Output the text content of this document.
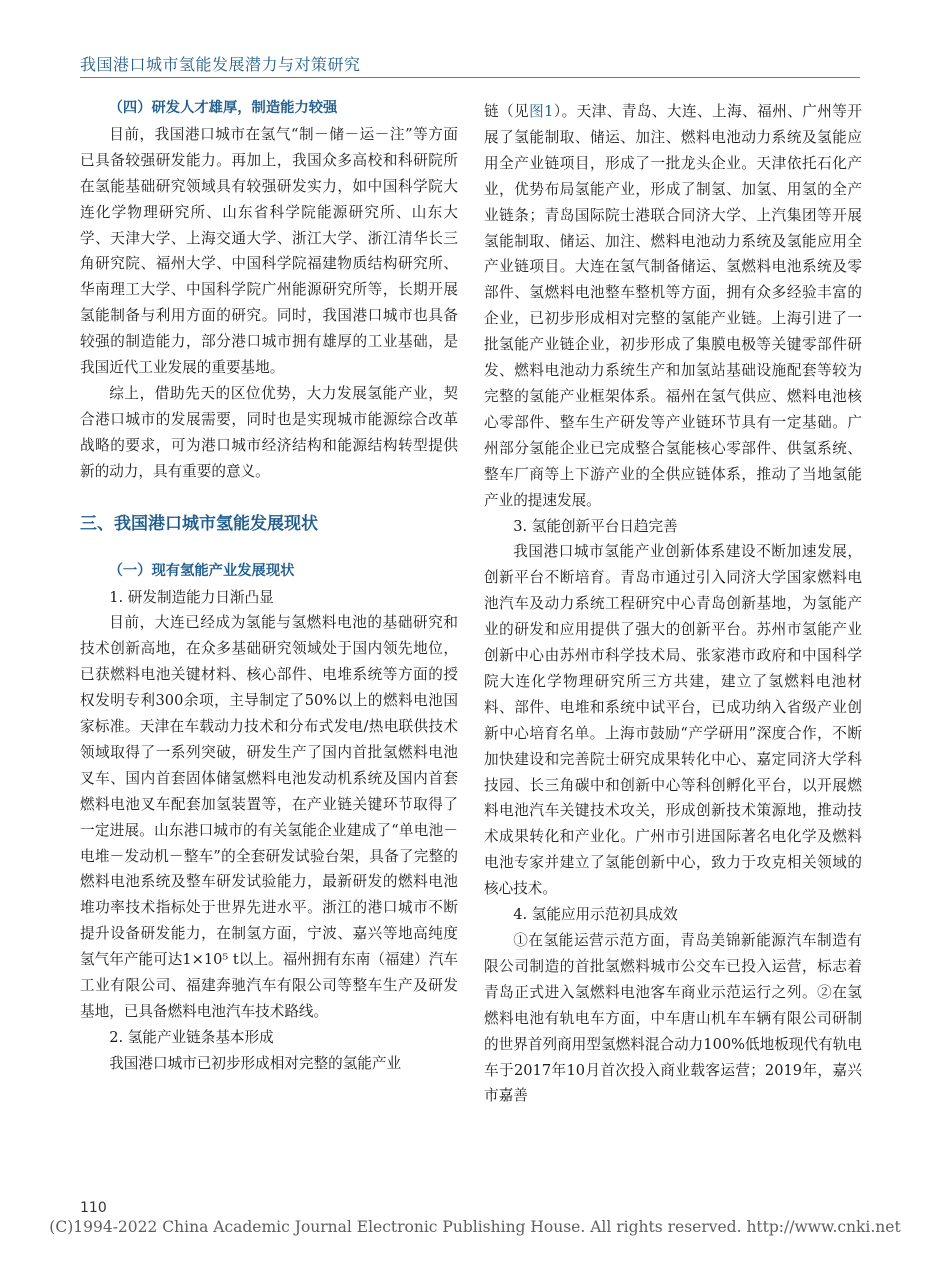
我国港口城市氢能发展潜力与对策研究

（四）研发人才雄厚，制造能力较强

目前，我国港口城市在氢气“制－储－运－注”等方面已具备较强研发能力。再加上，我国众多高校和科研院所在氢能基础研究领域具有较强研发实力，如中国科学院大连化学物理研究所、山东省科学院能源研究所、山东大学、天津大学、上海交通大学、浙江大学、浙江清华长三角研究院、福州大学、中国科学院福建物质结构研究所、华南理工大学、中国科学院广州能源研究所等，长期开展氢能制备与利用方面的研究。同时，我国港口城市也具备较强的制造能力，部分港口城市拥有雄厚的工业基础，是我国近代工业发展的重要基地。

综上，借助先天的区位优势，大力发展氢能产业，契合港口城市的发展需要，同时也是实现城市能源综合改革战略的要求，可为港口城市经济结构和能源结构转型提供新的动力，具有重要的意义。

三、我国港口城市氢能发展现状

（一）现有氢能产业发展现状

1. 研发制造能力日渐凸显

目前，大连已经成为氢能与氢燃料电池的基础研究和技术创新高地，在众多基础研究领域处于国内领先地位，已获燃料电池关键材料、核心部件、电堆系统等方面的授权发明专利300余项，主导制定了50%以上的燃料电池国家标准。天津在车载动力技术和分布式发电/热电联供技术领域取得了一系列突破，研发生产了国内首批氢燃料电池叉车、国内首套固体储氢燃料电池发动机系统及国内首套燃料电池叉车配套加氢装置等，在产业链关键环节取得了一定进展。山东港口城市的有关氢能企业建成了“单电池－电堆－发动机－整车”的全套研发试验台架，具备了完整的燃料电池系统及整车研发试验能力，最新研发的燃料电池堆功率技术指标处于世界先进水平。浙江的港口城市不断提升设备研发能力，在制氢方面，宁波、嘉兴等地高纯度氢气年产能可达1×10⁵ t以上。福州拥有东南（福建）汽车工业有限公司、福建奔驰汽车有限公司等整车生产及研发基地，已具备燃料电池汽车技术路线。

2. 氢能产业链条基本形成

我国港口城市已初步形成相对完整的氢能产业

链（见图1）。天津、青岛、大连、上海、福州、广州等开展了氢能制取、储运、加注、燃料电池动力系统及氢能应用全产业链项目，形成了一批龙头企业。天津依托石化产业，优势布局氢能产业，形成了制氢、加氢、用氢的全产业链条；青岛国际院士港联合同济大学、上汽集团等开展氢能制取、储运、加注、燃料电池动力系统及氢能应用全产业链项目。大连在氢气制备储运、氢燃料电池系统及零部件、氢燃料电池整车整机等方面，拥有众多经验丰富的企业，已初步形成相对完整的氢能产业链。上海引进了一批氢能产业链企业，初步形成了集膜电极等关键零部件研发、燃料电池动力系统生产和加氢站基础设施配套等较为完整的氢能产业框架体系。福州在氢气供应、燃料电池核心零部件、整车生产研发等产业链环节具有一定基础。广州部分氢能企业已完成整合氢能核心零部件、供氢系统、整车厂商等上下游产业的全供应链体系，推动了当地氢能产业的提速发展。

3. 氢能创新平台日趋完善

我国港口城市氢能产业创新体系建设不断加速发展，创新平台不断培育。青岛市通过引入同济大学国家燃料电池汽车及动力系统工程研究中心青岛创新基地，为氢能产业的研发和应用提供了强大的创新平台。苏州市氢能产业创新中心由苏州市科学技术局、张家港市政府和中国科学院大连化学物理研究所三方共建，建立了氢燃料电池材料、部件、电堆和系统中试平台，已成功纳入省级产业创新中心培育名单。上海市鼓励“产学研用”深度合作，不断加快建设和完善院士研究成果转化中心、嘉定同济大学科技园、长三角碳中和创新中心等科创孵化平台，以开展燃料电池汽车关键技术攻关，形成创新技术策源地，推动技术成果转化和产业化。广州市引进国际著名电化学及燃料电池专家并建立了氢能创新中心，致力于攻克相关领域的核心技术。

4. 氢能应用示范初具成效

①在氢能运营示范方面，青岛美锦新能源汽车制造有限公司制造的首批氢燃料城市公交车已投入运营，标志着青岛正式进入氢燃料电池客车商业示范运行之列。②在氢燃料电池有轨电车方面，中车唐山机车车辆有限公司研制的世界首列商用型氢燃料混合动力100%低地板现代有轨电车于2017年10月首次投入商业载客运营；2019年，嘉兴市嘉善

110
(C)1994-2022 China Academic Journal Electronic Publishing House. All rights reserved. http://www.cnki.net
